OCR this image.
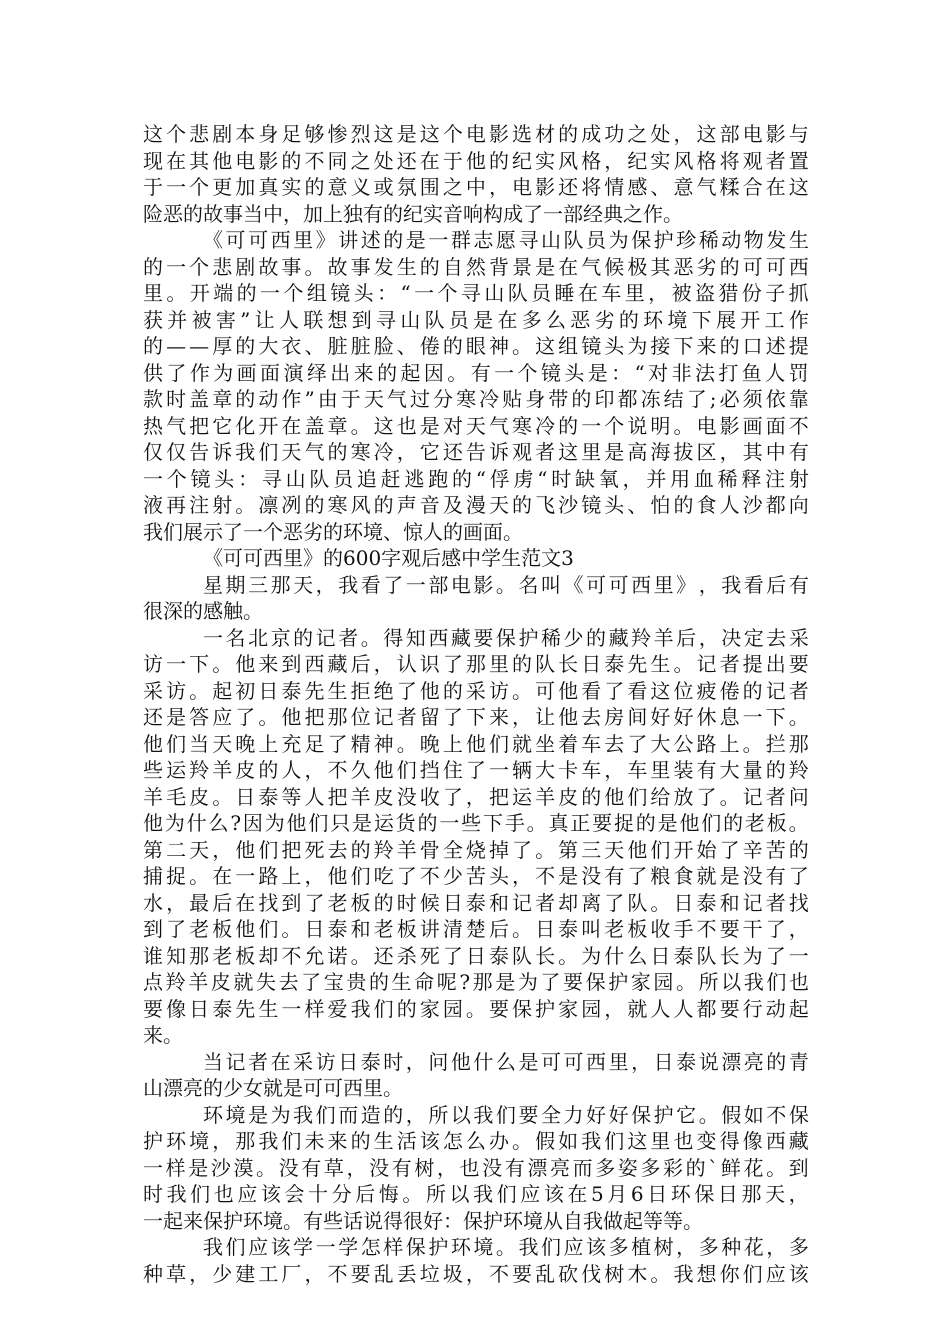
这 个 悲 剧 本 身 足 够 惨 烈 这 是 这 个 电 影 选 材 的 成 功 之 处 ， 这 部 电 影 与
现 在 其 他 电 影 的 不 同 之 处 还 在 于 他 的 纪 实 风 格 ， 纪 实 风 格 将 观 者 置
于 一 个 更 加 真 实 的 意 义 或 氛 围 之 中 ， 电 影 还 将 情 感 、 意 气 糅 合 在 这
险恶的故事当中，加上独有的纪实音响构成了一部经典之作。
《 可 可 西 里 》 讲 述 的 是 一 群 志 愿 寻 山 队 员 为 保 护 珍 稀 动 物 发 生
的 一 个 悲 剧 故 事 。 故 事 发 生 的 自 然 背 景 是 在 气 候 极 其 恶 劣 的 可 可 西
里 。 开 端 的 一 个 组 镜 头 ： “ 一 个 寻 山 队 员 睡 在 车 里 ， 被 盗 猎 份 子 抓
获 并 被 害 ” 让 人 联 想 到 寻 山 队 员 是 在 多 么 恶 劣 的 环 境 下 展 开 工 作
的 — — 厚 的 大 衣 、 脏 脏 脸 、 倦 的 眼 神 。 这 组 镜 头 为 接 下 来 的 口 述 提
供 了 作 为 画 面 演 绎 出 来 的 起 因 。 有 一 个 镜 头 是 ： “ 对 非 法 打 鱼 人 罚
款 时 盖 章 的 动 作 ” 由 于 天 气 过 分 寒 冷 贴 身 带 的 印 都 冻 结 了 ; 必 须 依 靠
热 气 把 它 化 开 在 盖 章 。 这 也 是 对 天 气 寒 冷 的 一 个 说 明 。 电 影 画 面 不
仅 仅 告 诉 我 们 天 气 的 寒 冷 ， 它 还 告 诉 观 者 这 里 是 高 海 拔 区 ， 其 中 有
一 个 镜 头 ： 寻 山 队 员 追 赶 逃 跑 的 “ 俘 虏 “ 时 缺 氧 ， 并 用 血 稀 释 注 射
液 再 注 射 。 凛 冽 的 寒 风 的 声 音 及 漫 天 的 飞 沙 镜 头 、 怕 的 食 人 沙 都 向
我们展示了一个恶劣的环境、惊人的画面。
《可可西里》的600字观后感中学生范文3
星 期 三 那 天 ， 我 看 了 一 部 电 影 。 名 叫 《 可 可 西 里 》 ， 我 看 后 有
很深的感触。
一 名 北 京 的 记 者 。 得 知 西 藏 要 保 护 稀 少 的 藏 羚 羊 后 ， 决 定 去 采
访 一 下 。 他 来 到 西 藏 后 ， 认 识 了 那 里 的 队 长 日 泰 先 生 。 记 者 提 出 要
采 访 。 起 初 日 泰 先 生 拒 绝 了 他 的 采 访 。 可 他 看 了 看 这 位 疲 倦 的 记 者
还 是 答 应 了 。 他 把 那 位 记 者 留 了 下 来 ， 让 他 去 房 间 好 好 休 息 一 下 。
他 们 当 天 晚 上 充 足 了 精 神 。 晚 上 他 们 就 坐 着 车 去 了 大 公 路 上 。 拦 那
些 运 羚 羊 皮 的 人 ， 不 久 他 们 挡 住 了 一 辆 大 卡 车 ， 车 里 装 有 大 量 的 羚
羊 毛 皮 。 日 泰 等 人 把 羊 皮 没 收 了 ， 把 运 羊 皮 的 他 们 给 放 了 。 记 者 问
他 为 什 么 ? 因 为 他 们 只 是 运 货 的 一 些 下 手 。 真 正 要 捉 的 是 他 们 的 老 板 。
第 二 天 ， 他 们 把 死 去 的 羚 羊 骨 全 烧 掉 了 。 第 三 天 他 们 开 始 了 辛 苦 的
捕 捉 。 在 一 路 上 ， 他 们 吃 了 不 少 苦 头 ， 不 是 没 有 了 粮 食 就 是 没 有 了
水 ， 最 后 在 找 到 了 老 板 的 时 候 日 泰 和 记 者 却 离 了 队 。 日 泰 和 记 者 找
到 了 老 板 他 们 。 日 泰 和 老 板 讲 清 楚 后 。 日 泰 叫 老 板 收 手 不 要 干 了 ，
谁 知 那 老 板 却 不 允 诺 。 还 杀 死 了 日 泰 队 长 。 为 什 么 日 泰 队 长 为 了 一
点 羚 羊 皮 就 失 去 了 宝 贵 的 生 命 呢 ? 那 是 为 了 要 保 护 家 园 。 所 以 我 们 也
要 像 日 泰 先 生 一 样 爱 我 们 的 家 园 。 要 保 护 家 园 ， 就 人 人 都 要 行 动 起
来。
当 记 者 在 采 访 日 泰 时 ， 问 他 什 么 是 可 可 西 里 ， 日 泰 说 漂 亮 的 青
山漂亮的少女就是可可西里。
环 境 是 为 我 们 而 造 的 ， 所 以 我 们 要 全 力 好 好 保 护 它 。 假 如 不 保
护 环 境 ， 那 我 们 未 来 的 生 活 该 怎 么 办 。 假 如 我 们 这 里 也 变 得 像 西 藏
一 样 是 沙 漠 。 没 有 草 ， 没 有 树 ， 也 没 有 漂 亮 而 多 姿 多 彩 的 ` 鲜 花 。 到
时 我 们 也 应 该 会 十 分 后 悔 。 所 以 我 们 应 该 在 5 月 6 日 环 保 日 那 天 ，
一起来保护环境。有些话说得很好：保护环境从自我做起等等。
我 们 应 该 学 一 学 怎 样 保 护 环 境 。 我 们 应 该 多 植 树 ， 多 种 花 ， 多
种 草 ， 少 建 工 厂 ， 不 要 乱 丢 垃 圾 ， 不 要 乱 砍 伐 树 木 。 我 想 你 们 应 该
